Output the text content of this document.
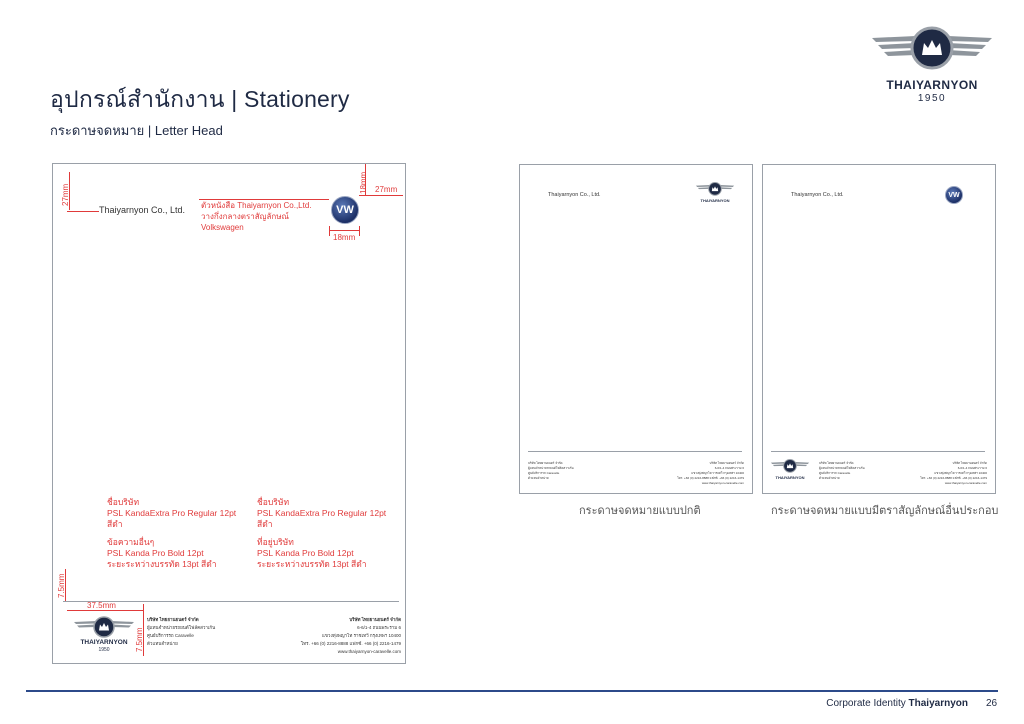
อุปกรณ์สำนักงาน | Stationery
กระดาษจดหมาย | Letter Head
THAIYARNYON
1950
27mm
Thaiyarnyon Co., Ltd. ตัวหนังสือ Thaiyarnyon Co.,Ltd.
วางกึ่งกลางตราสัญลักษณ์
Volkswagen
VW
18mm 27mm
18mm
ชื่อบริษัท
PSL KandaExtra Pro Regular 12pt
สีดำ
ข้อความอื่นๆ
PSL Kanda Pro Bold 12pt
ระยะระหว่างบรรทัด 13pt สีดำ
ชื่อบริษัท
PSL KandaExtra Pro Regular 12pt
สีดำ
ที่อยู่บริษัท
PSL Kanda Pro Bold 12pt
ระยะระหว่างบรรทัด 13pt สีดำ
7.5mm
37.5mm
7.5mm
THAIYARNYON
1950
บริษัท ไทยยานยนตร์ จำกัด
ผู้แทนจำหน่ายรถยนต์โฟล์คสวาเก้น
ศูนย์บริการรถ Caravelle
ตัวแทนจำหน่าย
บริษัท ไทยยานยนตร์ จำกัด
6-6/1-4 ถนนพระราม 6
แขวงทุ่งพญาไท ราชเทวี กรุงเทพฯ 10400
โทร. +66 (0) 2216-8888 แฟกซ์. +66 (0) 2216-1479
www.thaiyarnyon-caravelle.com
Thaiyarnyon Co., Ltd.
THAIYARNYON
บริษัท ไทยยานยนตร์ จำกัด
ผู้แทนจำหน่ายรถยนต์โฟล์คสวาเก้น
ศูนย์บริการรถ Caravelle
ตัวแทนจำหน่าย
บริษัท ไทยยานยนตร์ จำกัด
6-6/1-4 ถนนพระราม 6
แขวงทุ่งพญาไท ราชเทวี กรุงเทพฯ 10400
โทร. +66 (0) 2216-8888 แฟกซ์. +66 (0) 2216-1479
www.thaiyarnyon-caravelle.com
กระดาษจดหมายแบบปกติ
Thaiyarnyon Co., Ltd.	VW
THAIYARNYON
บริษัท ไทยยานยนตร์ จำกัด
ผู้แทนจำหน่ายรถยนต์โฟล์คสวาเก้น
ศูนย์บริการรถ Caravelle
ตัวแทนจำหน่าย
บริษัท ไทยยานยนตร์ จำกัด
6-6/1-4 ถนนพระราม 6
แขวงทุ่งพญาไท ราชเทวี กรุงเทพฯ 10400
โทร. +66 (0) 2216-8888 แฟกซ์. +66 (0) 2216-1479
www.thaiyarnyon-caravelle.com
กระดาษจดหมายแบบมีตราสัญลักษณ์อื่นประกอบ
Corporate Identity Thaiyarnyon 26
